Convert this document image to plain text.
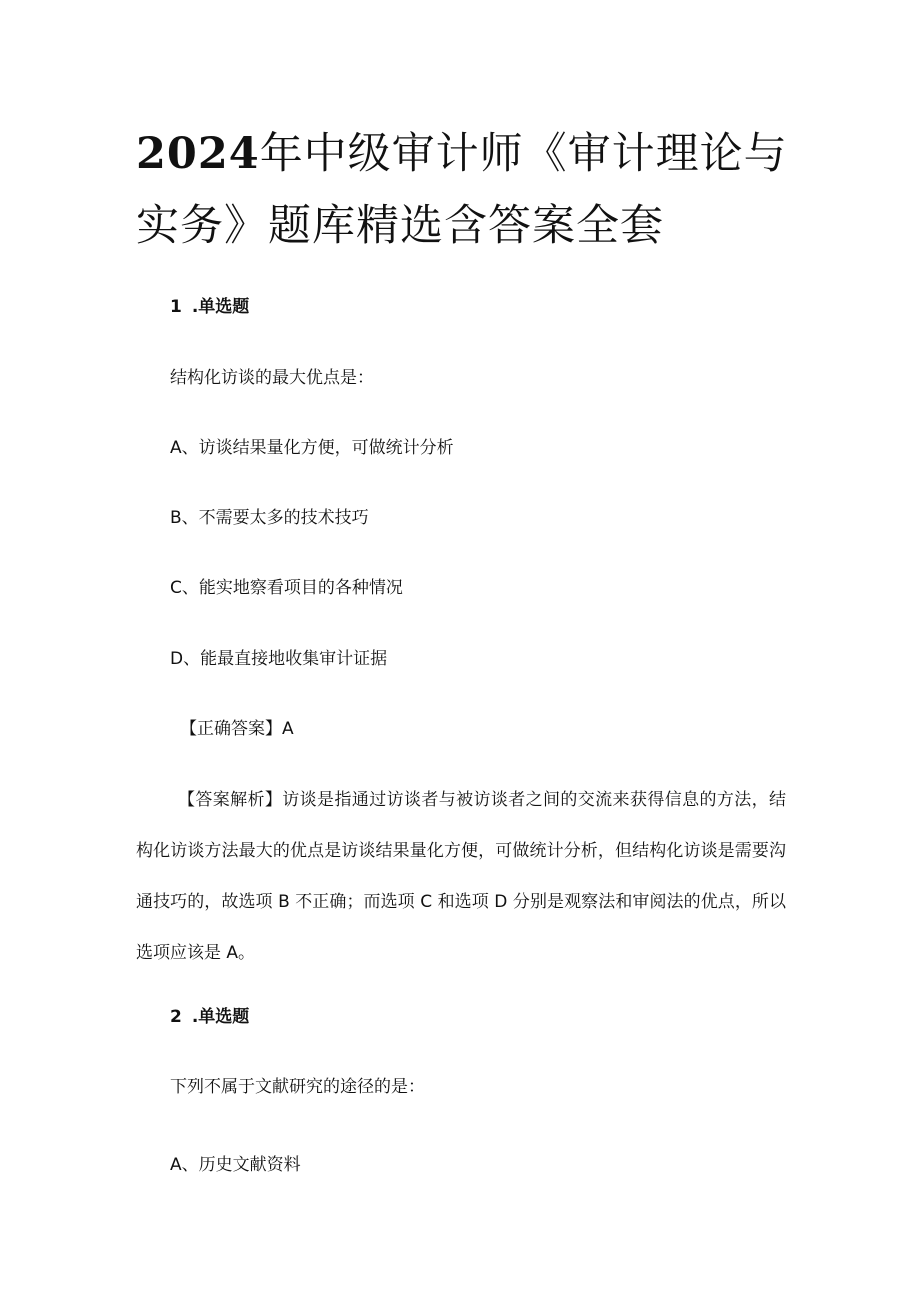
2024年中级审计师《审计理论与实务》题库精选含答案全套

1 .单选题

结构化访谈的最大优点是：

A、访谈结果量化方便，可做统计分析

B、不需要太多的技术技巧

C、能实地察看项目的各种情况

D、能最直接地收集审计证据

【正确答案】A

【答案解析】访谈是指通过访谈者与被访谈者之间的交流来获得信息的方法，结构化访谈方法最大的优点是访谈结果量化方便，可做统计分析，但结构化访谈是需要沟通技巧的，故选项 B 不正确；而选项 C 和选项 D 分别是观察法和审阅法的优点，所以选项应该是 A。

2 .单选题

下列不属于文献研究的途径的是：

A、历史文献资料
